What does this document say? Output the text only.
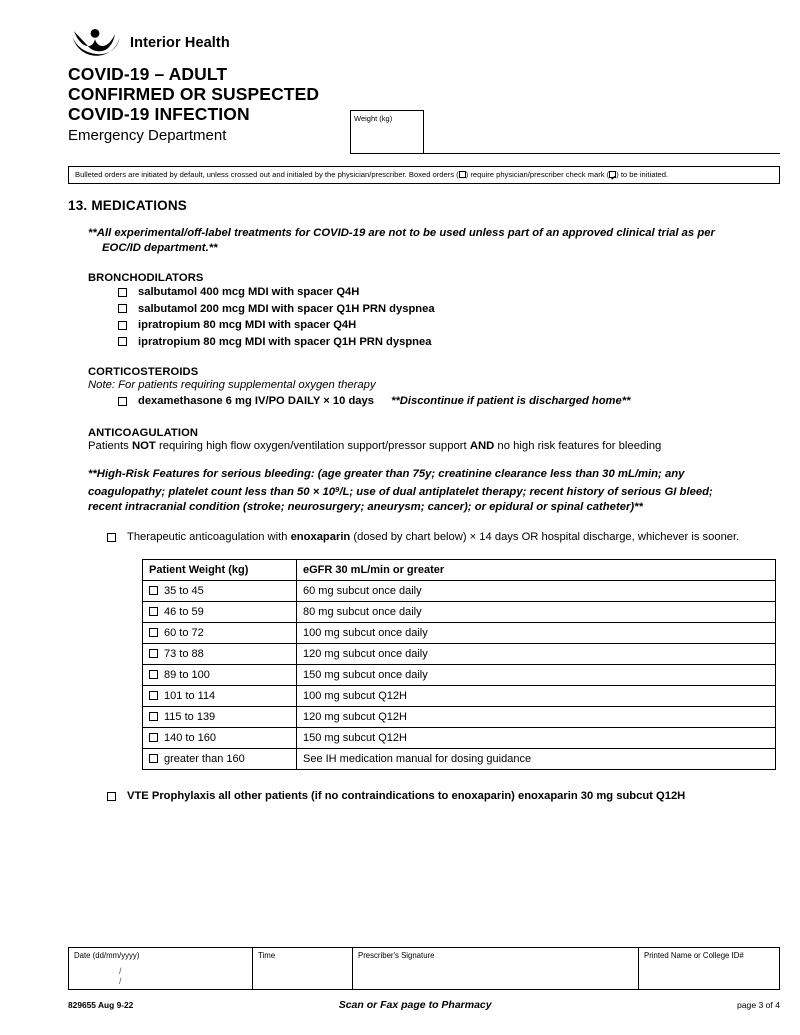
Interior Health
COVID-19 – ADULT
CONFIRMED OR SUSPECTED
COVID-19 INFECTION
Emergency Department
Weight (kg)
Bulleted orders are initiated by default, unless crossed out and initialed by the physician/prescriber. Boxed orders ( ) require physician/prescriber check mark ( ) to be initiated.
13. MEDICATIONS
**All experimental/off-label treatments for COVID-19 are not to be used unless part of an approved clinical trial as per
EOC/ID department.**
BRONCHODILATORS
salbutamol 400 mcg MDI with spacer Q4H
salbutamol 200 mcg MDI with spacer Q1H PRN dyspnea
ipratropium 80 mcg MDI with spacer Q4H
ipratropium 80 mcg MDI with spacer Q1H PRN dyspnea
CORTICOSTEROIDS
Note: For patients requiring supplemental oxygen therapy
dexamethasone 6 mg IV/PO DAILY × 10 days **Discontinue if patient is discharged home**
ANTICOAGULATION
Patients NOT requiring high flow oxygen/ventilation support/pressor support AND no high risk features for bleeding
**High-Risk Features for serious bleeding: (age greater than 75y; creatinine clearance less than 30 mL/min; any
coagulopathy; platelet count less than $50 \times 10^9/L$; use of dual antiplatelet therapy; recent history of serious GI bleed;
recent intracranial condition (stroke; neurosurgery; aneurysm; cancer); or epidural or spinal catheter)**
Therapeutic anticoagulation with enoxaparin (dosed by chart below) × 14 days OR hospital discharge, whichever is sooner.
Patient Weight (kg)	eGFR 30 mL/min or greater
35 to 45	60 mg subcut once daily
46 to 59	80 mg subcut once daily
60 to 72	100 mg subcut once daily
73 to 88	120 mg subcut once daily
89 to 100	150 mg subcut once daily
101 to 114	100 mg subcut Q12H
115 to 139	120 mg subcut Q12H
140 to 160	150 mg subcut Q12H
greater than 160	See IH medication manual for dosing guidance
VTE Prophylaxis all other patients (if no contraindications to enoxaparin) enoxaparin 30 mg subcut Q12H
Date (dd/mm/yyyy)
/ /
	Time	Prescriber's Signature	Printed Name or College ID#
829655 Aug 9-22	Scan or Fax page to Pharmacy	page 3 of 4
